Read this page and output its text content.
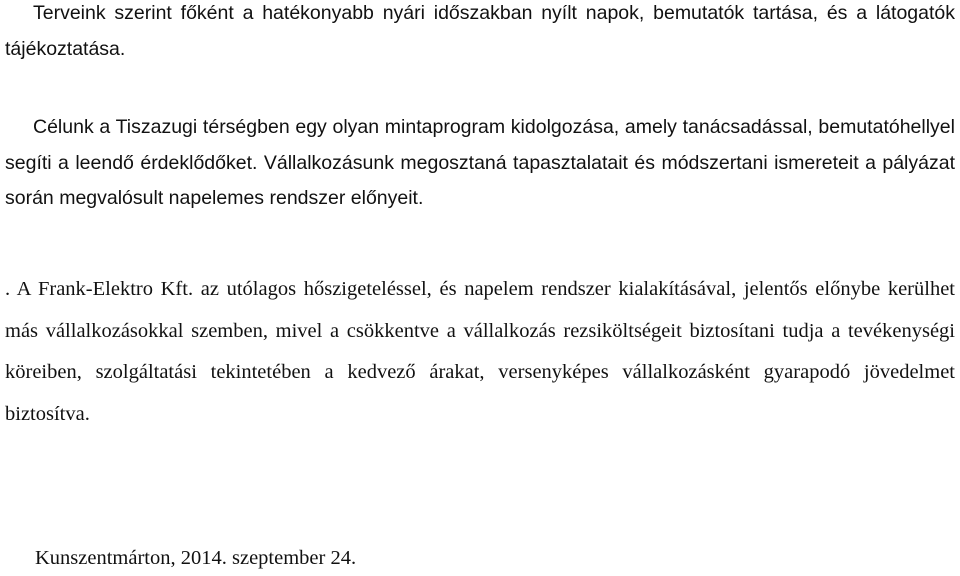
Terveink szerint főként a hatékonyabb nyári időszakban nyílt napok, bemutatók tartása, és a látogatók tájékoztatása.

Célunk a Tiszazugi térségben egy olyan mintaprogram kidolgozása, amely tanácsadással, bemutatóhellyel segíti a leendő érdeklődőket. Vállalkozásunk megosztaná tapasztalatait és módszertani ismereteit a pályázat során megvalósult napelemes rendszer előnyeit.

. A Frank-Elektro Kft. az utólagos hőszigeteléssel, és napelem rendszer kialakításával, jelentős előnybe kerülhet más vállalkozásokkal szemben, mivel a csökkentve a vállalkozás rezsiköltségeit biztosítani tudja a tevékenységi köreiben, szolgáltatási tekintetében a kedvező árakat, versenyképes vállalkozásként gyarapodó jövedelmet biztosítva.

Kunszentmárton, 2014. szeptember 24.
